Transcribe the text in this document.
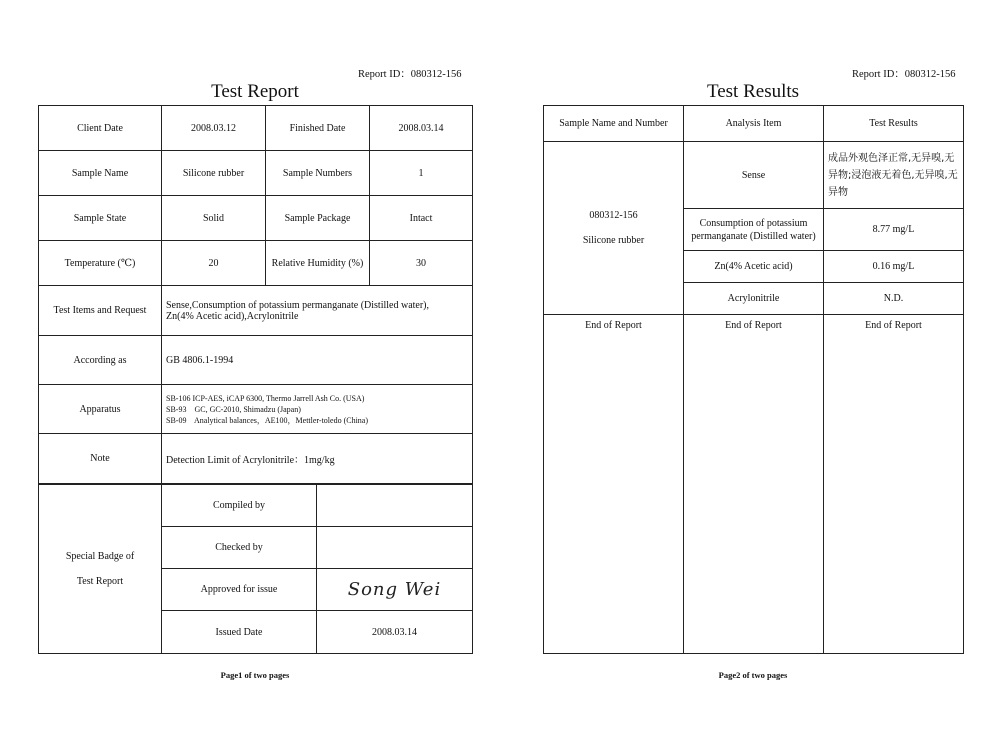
Report ID：080312-156
Test Report
Client Date	2008.03.12	Finished Date	2008.03.14
Sample Name	Silicone rubber	Sample Numbers	1
Sample State	Solid	Sample Package	Intact
Temperature (℃)	20	Relative Humidity (%)	30
Test Items and Request	Sense,Consumption of potassium permanganate (Distilled water),
Zn(4% Acetic acid),Acrylonitrile		

According as	GB 4806.1-1994		
Apparatus	SB-106 ICP-AES, iCAP 6300, Thermo Jarrell Ash Co. (USA)
SB-93    GC, GC-2010, Shimadzu (Japan)
SB-09    Analytical balances，AE100，Mettler-toledo (China)		

Note	Detection Limit of Acrylonitrile：1mg/kg		
Special Badge of
Test Report	Compiled by	
	Checked by	
	Approved for issue	Song Wei
	Issued Date	2008.03.14
Page1 of two pages
Report ID：080312-156
Test Results
Sample Name and Number	Analysis Item	Test Results

080312-156
Silicone rubber	Sense	成品外观色泽正常,无异嗅,无异物;浸泡液无着色,无异嗅,无异物
	Consumption of potassium permanganate (Distilled water)	8.77 mg/L
	Zn(4% Acetic acid)	0.16 mg/L
	Acrylonitrile	N.D.
End of Report	End of Report	End of Report
Page2 of two pages
